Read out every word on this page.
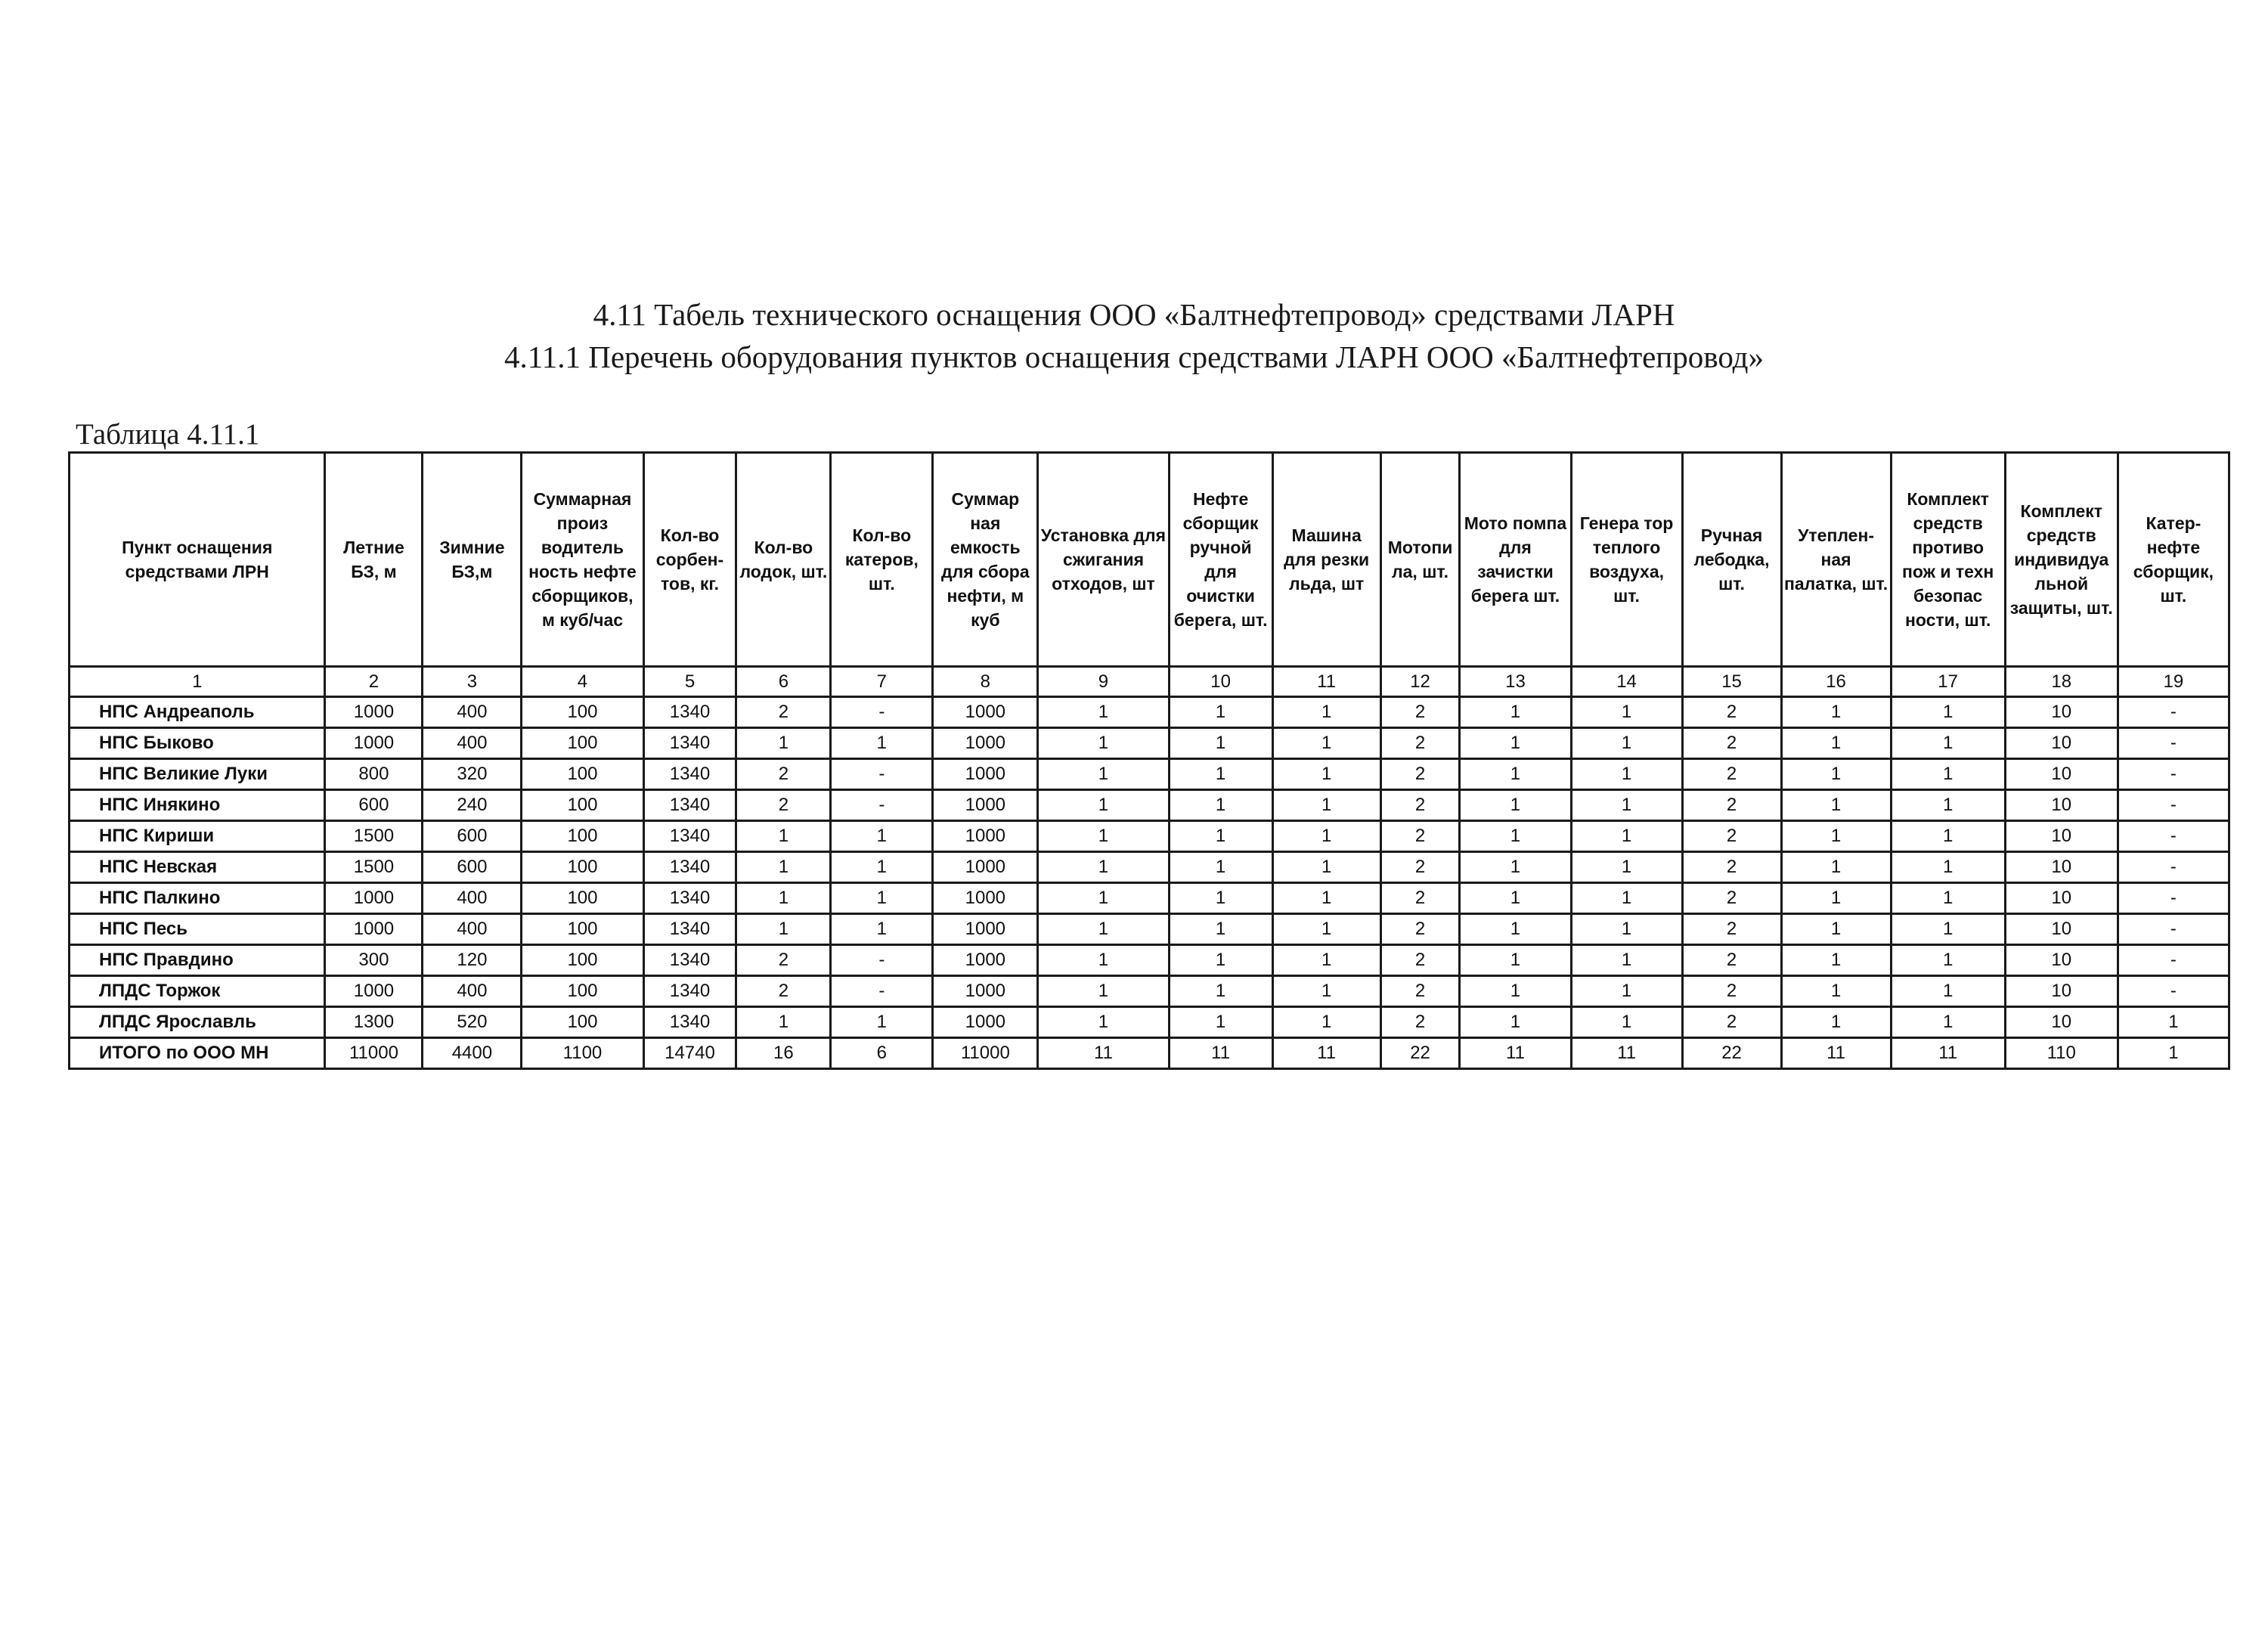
4.11 Табель технического оснащения ООО «Балтнефтепровод» средствами ЛАРН
4.11.1 Перечень оборудования пунктов оснащения средствами ЛАРН ООО «Балтнефтепровод»
Таблица 4.11.1
Пункт оснащения средствами ЛРН	Летние БЗ, м	Зимние БЗ,м	Суммарная произ водитель ность нефте сборщиков, м куб/час	Кол-во сорбен-тов, кг.	Кол-во лодок, шт.	Кол-во катеров, шт.	Суммар ная емкость для сбора нефти, м куб	Установка для сжигания отходов, шт	Нефте сборщик ручной для очистки берега, шт.	Машина для резки льда, шт	Мотопи ла, шт.	Мото помпа для зачистки берега шт.	Генера тор теплого воздуха, шт.	Ручная лебодка, шт.	Утеплен-ная палатка, шт.	Комплект средств противо пож и техн безопас ности, шт.	Комплект средств индивидуа льной защиты, шт.	Катер-нефте сборщик, шт.
1	2	3	4	5	6	7	8	9	10	11	12	13	14	15	16	17	18	19
НПС Андреаполь	1000	400	100	1340	2	-	1000	1	1	1	2	1	1	2	1	1	10	-
НПС Быково	1000	400	100	1340	1	1	1000	1	1	1	2	1	1	2	1	1	10	-
НПС Великие Луки	800	320	100	1340	2	-	1000	1	1	1	2	1	1	2	1	1	10	-
НПС Инякино	600	240	100	1340	2	-	1000	1	1	1	2	1	1	2	1	1	10	-
НПС Кириши	1500	600	100	1340	1	1	1000	1	1	1	2	1	1	2	1	1	10	-
НПС Невская	1500	600	100	1340	1	1	1000	1	1	1	2	1	1	2	1	1	10	-
НПС Палкино	1000	400	100	1340	1	1	1000	1	1	1	2	1	1	2	1	1	10	-
НПС Песь	1000	400	100	1340	1	1	1000	1	1	1	2	1	1	2	1	1	10	-
НПС Правдино	300	120	100	1340	2	-	1000	1	1	1	2	1	1	2	1	1	10	-
ЛПДС Торжок	1000	400	100	1340	2	-	1000	1	1	1	2	1	1	2	1	1	10	-
ЛПДС Ярославль	1300	520	100	1340	1	1	1000	1	1	1	2	1	1	2	1	1	10	1
ИТОГО по ООО МН	11000	4400	1100	14740	16	6	11000	11	11	11	22	11	11	22	11	11	110	1
